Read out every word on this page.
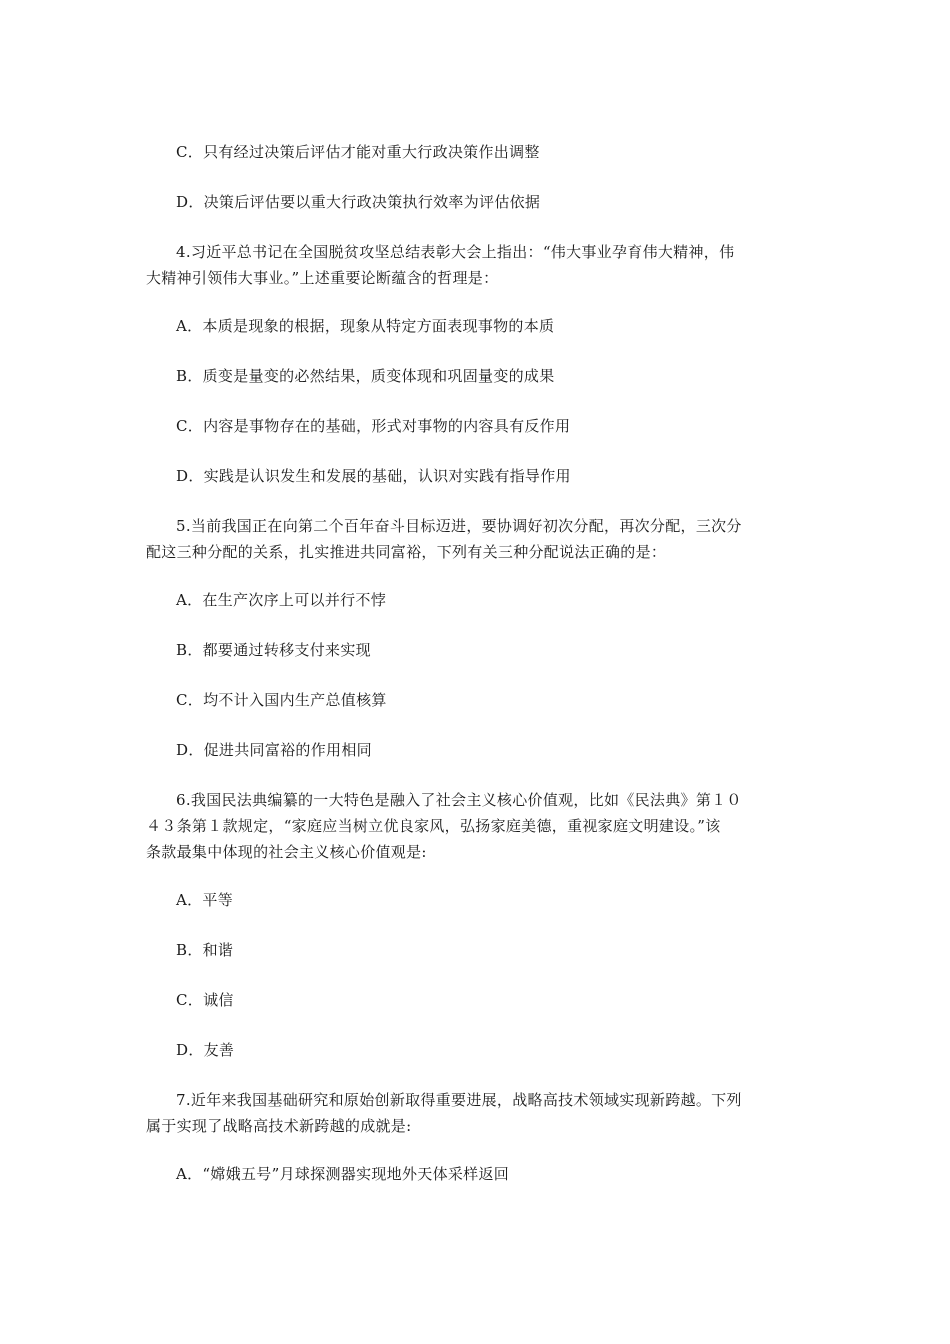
C．只有经过决策后评估才能对重大行政决策作出调整
D．决策后评估要以重大行政决策执行效率为评估依据
4.习近平总书记在全国脱贫攻坚总结表彰大会上指出：“伟大事业孕育伟大精神，伟
大精神引领伟大事业。”上述重要论断蕴含的哲理是：
A．本质是现象的根据，现象从特定方面表现事物的本质
B．质变是量变的必然结果，质变体现和巩固量变的成果
C．内容是事物存在的基础，形式对事物的内容具有反作用
D．实践是认识发生和发展的基础，认识对实践有指导作用
5.当前我国正在向第二个百年奋斗目标迈进，要协调好初次分配，再次分配，三次分
配这三种分配的关系，扎实推进共同富裕，下列有关三种分配说法正确的是：
A．在生产次序上可以并行不悖
B．都要通过转移支付来实现
C．均不计入国内生产总值核算
D．促进共同富裕的作用相同
6.我国民法典编纂的一大特色是融入了社会主义核心价值观，比如《民法典》第１０
４３条第１款规定，“家庭应当树立优良家风，弘扬家庭美德，重视家庭文明建设。”该
条款最集中体现的社会主义核心价值观是:
A．平等
B．和谐
C．诚信
D．友善
7.近年来我国基础研究和原始创新取得重要进展，战略高技术领域实现新跨越。下列
属于实现了战略高技术新跨越的成就是:
A．“嫦娥五号”月球探测器实现地外天体采样返回
